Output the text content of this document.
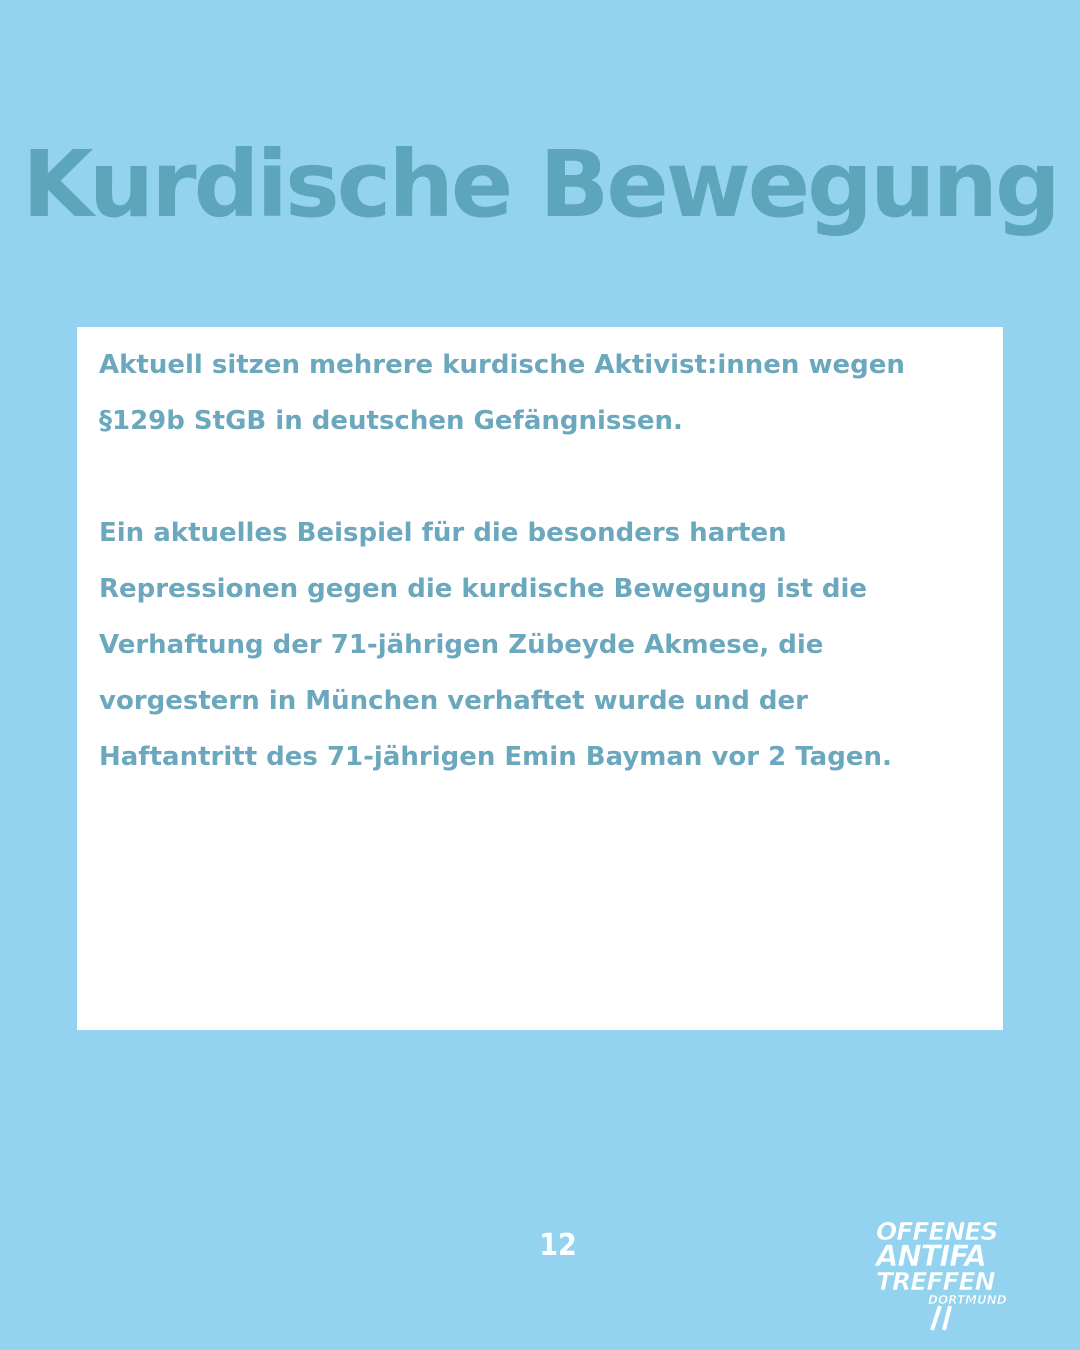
Kurdische Bewegung

Aktuell sitzen mehrere kurdische Aktivist:innen wegen
§129b StGB in deutschen Gefängnissen.

Ein aktuelles Beispiel für die besonders harten
Repressionen gegen die kurdische Bewegung ist die
Verhaftung der 71-jährigen Zübeyde Akmese, die
vorgestern in München verhaftet wurde und der
Haftantritt des 71-jährigen Emin Bayman vor 2 Tagen.

12	OFFENES
ANTIFA
TREFFEN
DORTMUND
